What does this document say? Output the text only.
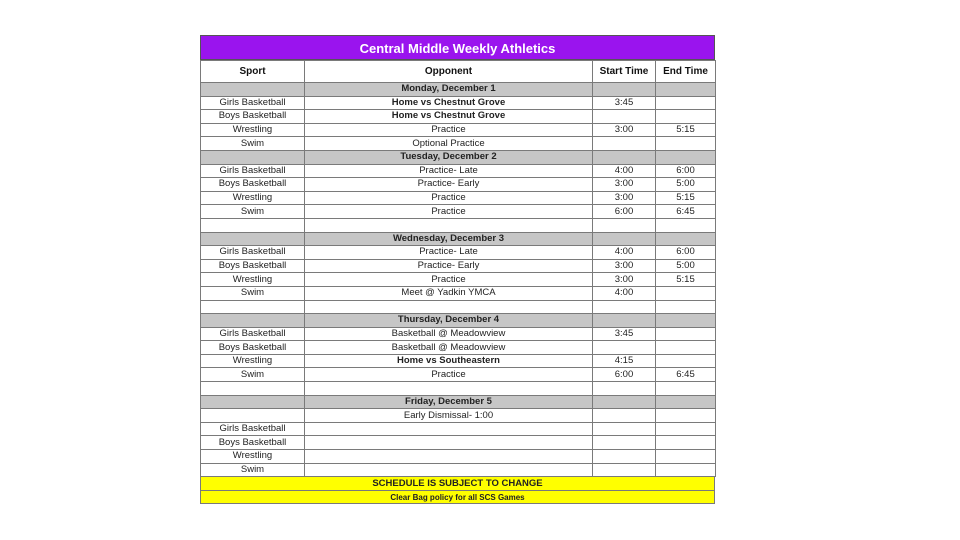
Central Middle Weekly Athletics
Sport	Opponent	Start Time	End Time
	Monday, December 1		
Girls Basketball	Home vs Chestnut Grove	3:45	
Boys Basketball	Home vs Chestnut Grove		
Wrestling	Practice	3:00	5:15
Swim	Optional Practice		
	Tuesday, December 2		
Girls Basketball	Practice- Late	4:00	6:00
Boys Basketball	Practice- Early	3:00	5:00
Wrestling	Practice	3:00	5:15
Swim	Practice	6:00	6:45

	Wednesday, December 3		
Girls Basketball	Practice- Late	4:00	6:00
Boys Basketball	Practice- Early	3:00	5:00
Wrestling	Practice	3:00	5:15
Swim	Meet @ Yadkin YMCA	4:00	

	Thursday, December 4		
Girls Basketball	Basketball @ Meadowview	3:45	
Boys Basketball	Basketball @ Meadowview		
Wrestling	Home vs Southeastern	4:15	
Swim	Practice	6:00	6:45

	Friday, December 5		
	Early Dismissal- 1:00		
Girls Basketball			
Boys Basketball			
Wrestling			
Swim			
SCHEDULE IS SUBJECT TO CHANGE
Clear Bag policy for all SCS Games
